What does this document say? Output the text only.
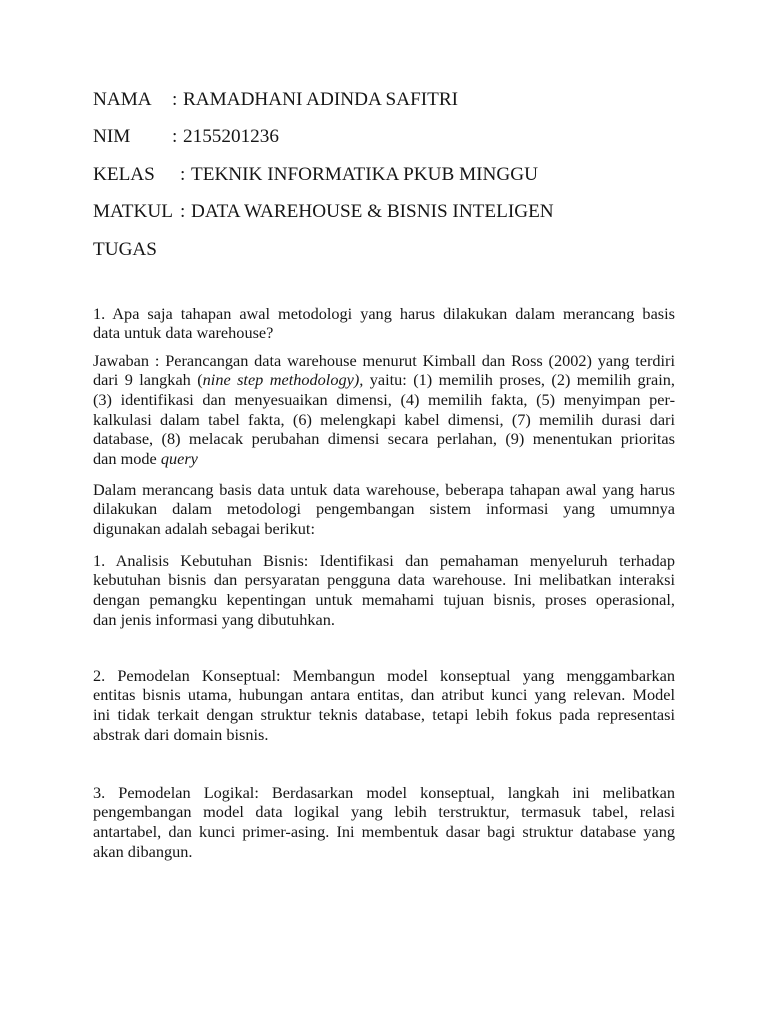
NAMA : RAMADHANI ADINDA SAFITRI
NIM : 2155201236
KELAS : TEKNIK INFORMATIKA PKUB MINGGU
MATKUL : DATA WAREHOUSE & BISNIS INTELIGEN
TUGAS
1. Apa saja tahapan awal metodologi yang harus dilakukan dalam merancang basis
data untuk data warehouse?
Jawaban : Perancangan data warehouse menurut Kimball dan Ross (2002) yang terdiri
dari 9 langkah (nine step methodology), yaitu: (1) memilih proses, (2) memilih grain,
(3) identifikasi dan menyesuaikan dimensi, (4) memilih fakta, (5) menyimpan per-
kalkulasi dalam tabel fakta, (6) melengkapi kabel dimensi, (7) memilih durasi dari
database, (8) melacak perubahan dimensi secara perlahan, (9) menentukan prioritas
dan mode query
Dalam merancang basis data untuk data warehouse, beberapa tahapan awal yang harus
dilakukan dalam metodologi pengembangan sistem informasi yang umumnya
digunakan adalah sebagai berikut:
1. Analisis Kebutuhan Bisnis: Identifikasi dan pemahaman menyeluruh terhadap
kebutuhan bisnis dan persyaratan pengguna data warehouse. Ini melibatkan interaksi
dengan pemangku kepentingan untuk memahami tujuan bisnis, proses operasional,
dan jenis informasi yang dibutuhkan.
2. Pemodelan Konseptual: Membangun model konseptual yang menggambarkan
entitas bisnis utama, hubungan antara entitas, dan atribut kunci yang relevan. Model
ini tidak terkait dengan struktur teknis database, tetapi lebih fokus pada representasi
abstrak dari domain bisnis.
3. Pemodelan Logikal: Berdasarkan model konseptual, langkah ini melibatkan
pengembangan model data logikal yang lebih terstruktur, termasuk tabel, relasi
antartabel, dan kunci primer-asing. Ini membentuk dasar bagi struktur database yang
akan dibangun.
